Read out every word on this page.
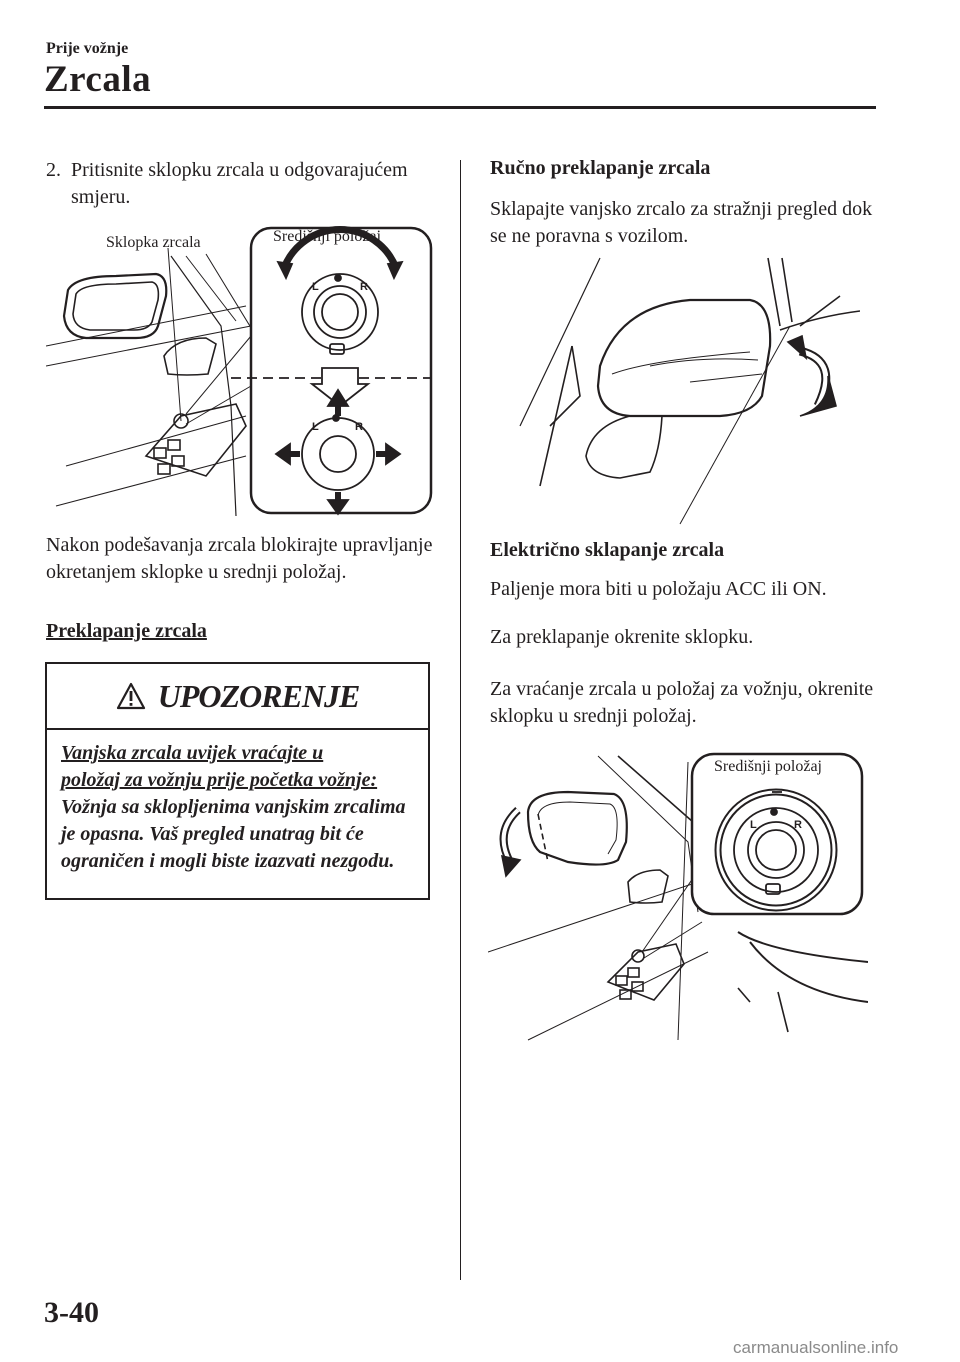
Prije vožnje
Zrcala
2. Pritisnite sklopku zrcala u odgovarajućem smjeru.
L	R
L	R
Sklopka zrcala	Središnji položaj
Nakon podešavanja zrcala blokirajte upravljanje okretanjem sklopke u srednji položaj.
Preklapanje zrcala
UPOZORENJE
Vanjska zrcala uvijek vraćajte u
položaj za vožnju prije početka vožnje:
Vožnja sa sklopljenima vanjskim zrcalima je opasna. Vaš pregled unatrag bit će ograničen i mogli biste izazvati nezgodu.
Ručno preklapanje zrcala
Sklapajte vanjsko zrcalo za stražnji pregled dok se ne poravna s vozilom.
Električno sklapanje zrcala
Paljenje mora biti u položaju ACC ili ON.
Za preklapanje okrenite sklopku.
Za vraćanje zrcala u položaj za vožnju, okrenite sklopku u srednji položaj.
L	R
Središnji položaj
3-40
carmanualsonline.info
